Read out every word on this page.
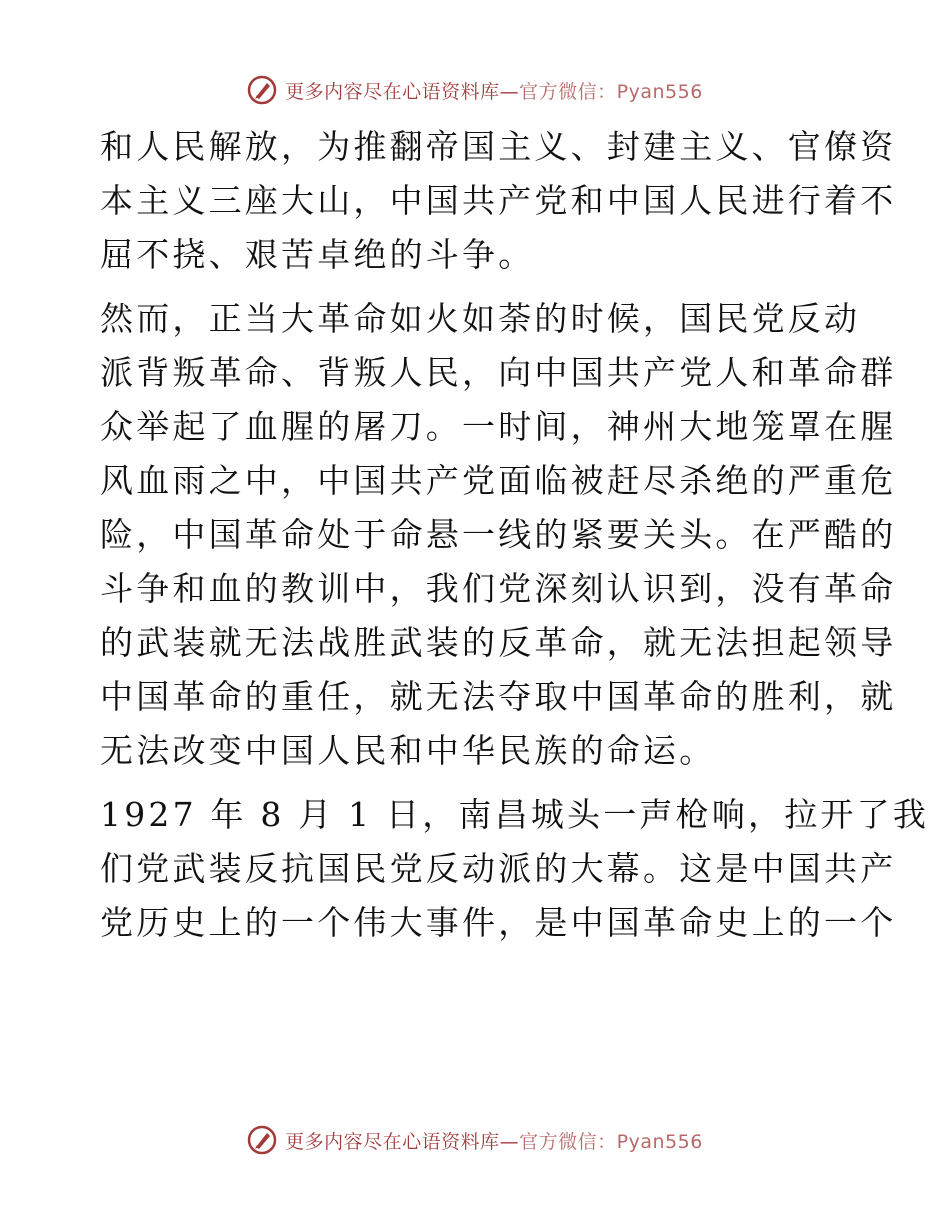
更多内容尽在心语资料库—官方微信：Pyan556

和人民解放，为推翻帝国主义、封建主义、官僚资

本主义三座大山，中国共产党和中国人民进行着不

屈不挠、艰苦卓绝的斗争。

然而，正当大革命如火如荼的时候，国民党反动

派背叛革命、背叛人民，向中国共产党人和革命群

众举起了血腥的屠刀。一时间，神州大地笼罩在腥

风血雨之中，中国共产党面临被赶尽杀绝的严重危

险，中国革命处于命悬一线的紧要关头。在严酷的

斗争和血的教训中，我们党深刻认识到，没有革命

的武装就无法战胜武装的反革命，就无法担起领导

中国革命的重任，就无法夺取中国革命的胜利，就

无法改变中国人民和中华民族的命运。

1927 年 8 月 1 日，南昌城头一声枪响，拉开了我

们党武装反抗国民党反动派的大幕。这是中国共产

党历史上的一个伟大事件，是中国革命史上的一个

更多内容尽在心语资料库—官方微信：Pyan556
